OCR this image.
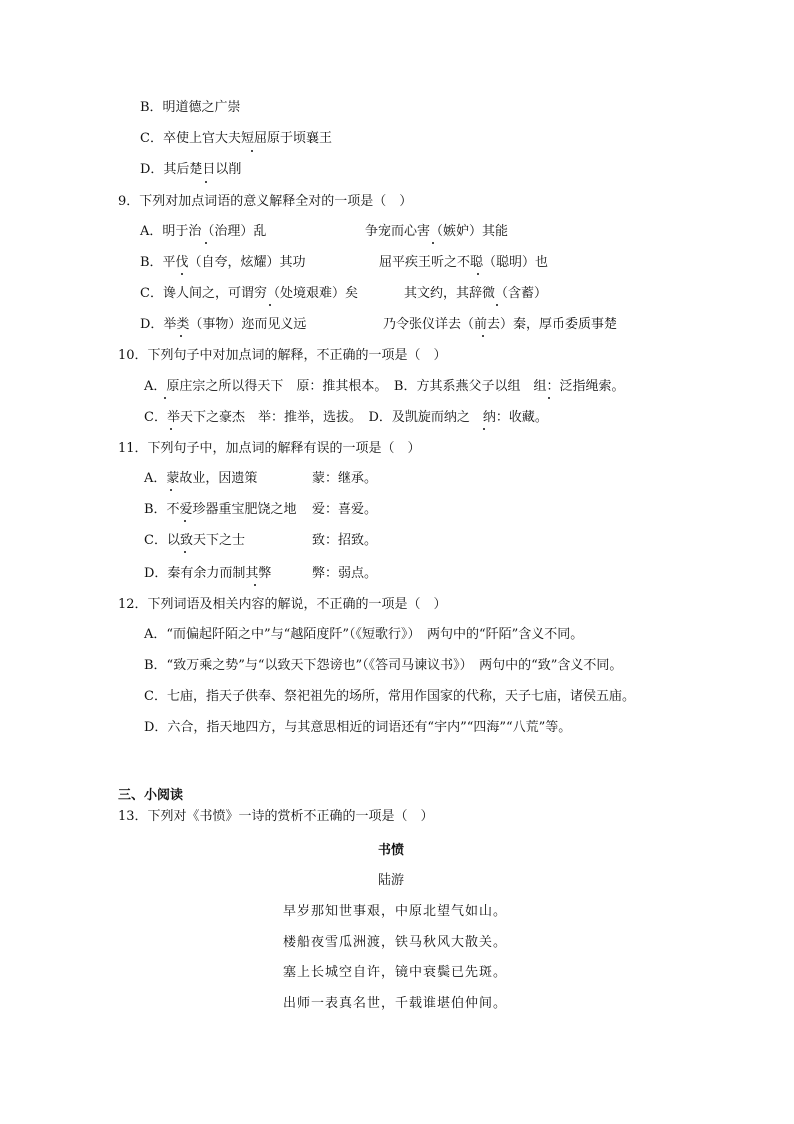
B．明道德之广崇
C．卒使上官大夫短屈原于顷襄王
D．其后楚日以削
9．下列对加点词语的意义解释全对的一项是（　）
A．明于治（治理）乱	争宠而心害（嫉妒）其能
B．平伐（自夸，炫耀）其功	屈平疾王听之不聪（聪明）也
C．谗人间之，可谓穷（处境艰难）矣	其文约，其辞微（含蓄）
D．举类（事物）迩而见义远	乃令张仪详去（前去）秦，厚币委质事楚
10．下列句子中对加点词的解释，不正确的一项是（　）
A．原庄宗之所以得天下　原：推其根本。　B．方其系燕父子以组　组：泛指绳索。
C．举天下之豪杰　举：推举，选拔。　D．及凯旋而纳之　纳：收藏。
11．下列句子中，加点词的解释有误的一项是（　）
A．蒙故业，因遗策	蒙：继承。
B．不爱珍器重宝肥饶之地 爱：喜爱。
C．以致天下之士	致：招致。
D．秦有余力而制其弊	弊：弱点。
12．下列词语及相关内容的解说，不正确的一项是（　）
A．“而偏起阡陌之中”与“越陌度阡”（《短歌行》）　两句中的“阡陌”含义不同。
B．“致万乘之势”与“以致天下怨谤也”（《答司马谏议书》）　两句中的“致”含义不同。
C．七庙，指天子供奉、祭祀祖先的场所，常用作国家的代称，天子七庙，诸侯五庙。
D．六合，指天地四方，与其意思相近的词语还有“宇内”“四海”“八荒”等。
三、小阅读
13．下列对《书愤》一诗的赏析不正确的一项是（　）
书愤
陆游
早岁那知世事艰，中原北望气如山。
楼船夜雪瓜洲渡，铁马秋风大散关。
塞上长城空自许，镜中衰鬓已先斑。
出师一表真名世，千载谁堪伯仲间。
